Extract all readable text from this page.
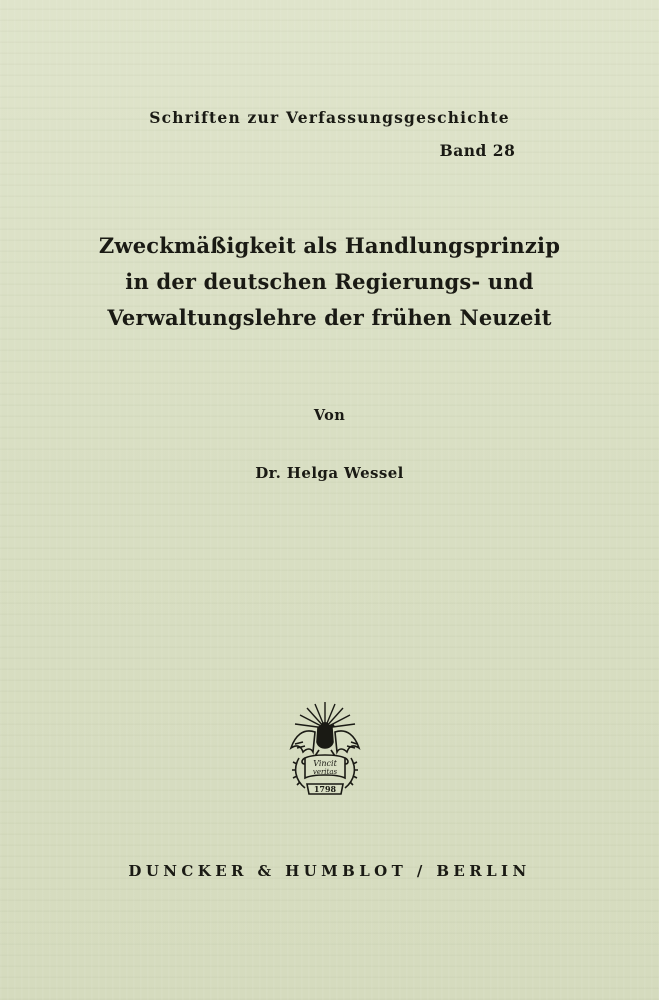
Schriften zur Verfassungsgeschichte
Band 28
Zweckmäßigkeit als Handlungsprinzip
in der deutschen Regierungs- und
Verwaltungslehre der frühen Neuzeit
Von
Dr. Helga Wessel
Vincit
veritas
1798
DUNCKER & HUMBLOT / BERLIN
